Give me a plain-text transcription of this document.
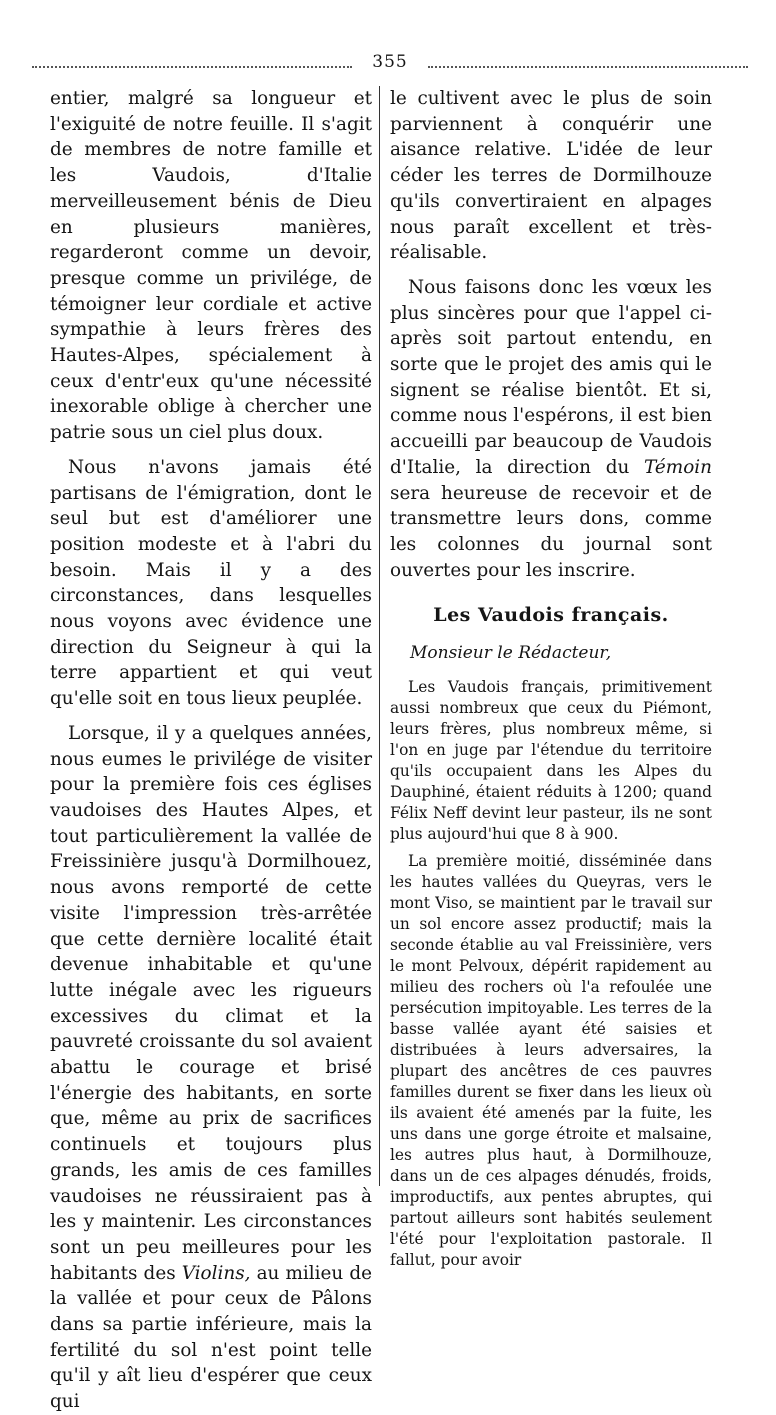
355

entier, malgré sa longueur et l'exiguité de notre feuille. Il s'agit de membres de notre famille et les Vaudois, d'Italie merveilleusement bénis de Dieu en plusieurs manières, regarderont comme un devoir, presque comme un privilége, de témoigner leur cordiale et active sympathie à leurs frères des Hautes-Alpes, spécialement à ceux d'entr'eux qu'une nécessité inexorable oblige à chercher une patrie sous un ciel plus doux.

Nous n'avons jamais été partisans de l'émigration, dont le seul but est d'améliorer une position modeste et à l'abri du besoin. Mais il y a des circonstances, dans lesquelles nous voyons avec évidence une direction du Seigneur à qui la terre appartient et qui veut qu'elle soit en tous lieux peuplée.

Lorsque, il y a quelques années, nous eumes le privilége de visiter pour la première fois ces églises vaudoises des Hautes Alpes, et tout particulièrement la vallée de Freissinière jusqu'à Dormilhouez, nous avons remporté de cette visite l'impression très-arrêtée que cette dernière localité était devenue inhabitable et qu'une lutte inégale avec les rigueurs excessives du climat et la pauvreté croissante du sol avaient abattu le courage et brisé l'énergie des habitants, en sorte que, même au prix de sacrifices continuels et toujours plus grands, les amis de ces familles vaudoises ne réussiraient pas à les y maintenir. Les circonstances sont un peu meilleures pour les habitants des Violins, au milieu de la vallée et pour ceux de Pâlons dans sa partie inférieure, mais la fertilité du sol n'est point telle qu'il y aît lieu d'espérer que ceux qui

le cultivent avec le plus de soin parviennent à conquérir une aisance relative. L'idée de leur céder les terres de Dormilhouze qu'ils convertiraient en alpages nous paraît excellent et très-réalisable.

Nous faisons donc les vœux les plus sincères pour que l'appel ci-après soit partout entendu, en sorte que le projet des amis qui le signent se réalise bientôt. Et si, comme nous l'espérons, il est bien accueilli par beaucoup de Vaudois d'Italie, la direction du Témoin sera heureuse de recevoir et de transmettre leurs dons, comme les colonnes du journal sont ouvertes pour les inscrire.

Les Vaudois français.
Monsieur le Rédacteur,

Les Vaudois français, primitivement aussi nombreux que ceux du Piémont, leurs frères, plus nombreux même, si l'on en juge par l'étendue du territoire qu'ils occupaient dans les Alpes du Dauphiné, étaient réduits à 1200; quand Félix Neff devint leur pasteur, ils ne sont plus aujourd'hui que 8 à 900.

La première moitié, disséminée dans les hautes vallées du Queyras, vers le mont Viso, se maintient par le travail sur un sol encore assez productif; mais la seconde établie au val Freissinière, vers le mont Pelvoux, dépérit rapidement au milieu des rochers où l'a refoulée une persécution impitoyable. Les terres de la basse vallée ayant été saisies et distribuées à leurs adversaires, la plupart des ancêtres de ces pauvres familles durent se fixer dans les lieux où ils avaient été amenés par la fuite, les uns dans une gorge étroite et malsaine, les autres plus haut, à Dormilhouze, dans un de ces alpages dénudés, froids, improductifs, aux pentes abruptes, qui partout ailleurs sont habités seulement l'été pour l'exploitation pastorale. Il fallut, pour avoir
